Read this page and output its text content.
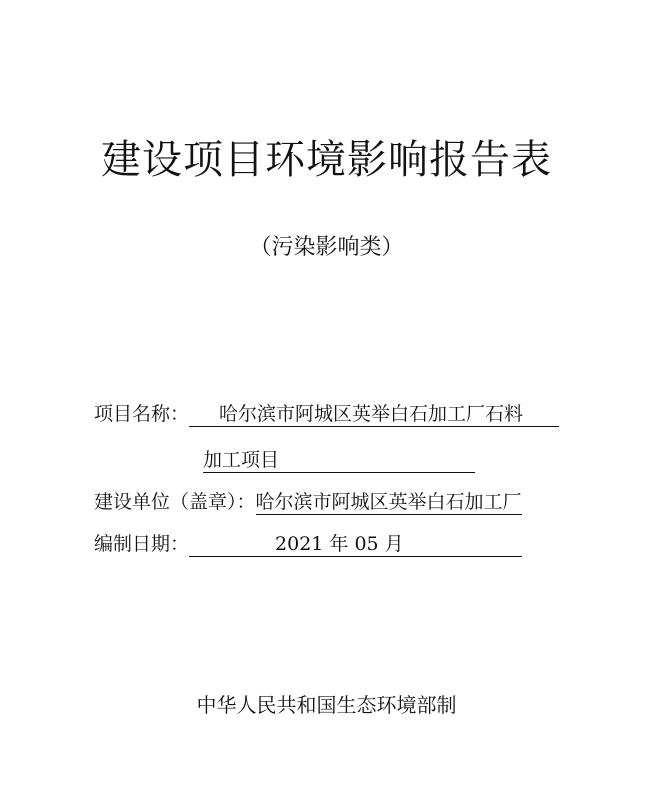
建设项目环境影响报告表
（污染影响类）
项目名称： 哈尔滨市阿城区英举白石加工厂石料
加工项目
建设单位（盖章）：哈尔滨市阿城区英举白石加工厂
编制日期：	2021 年 05 月
中华人民共和国生态环境部制
